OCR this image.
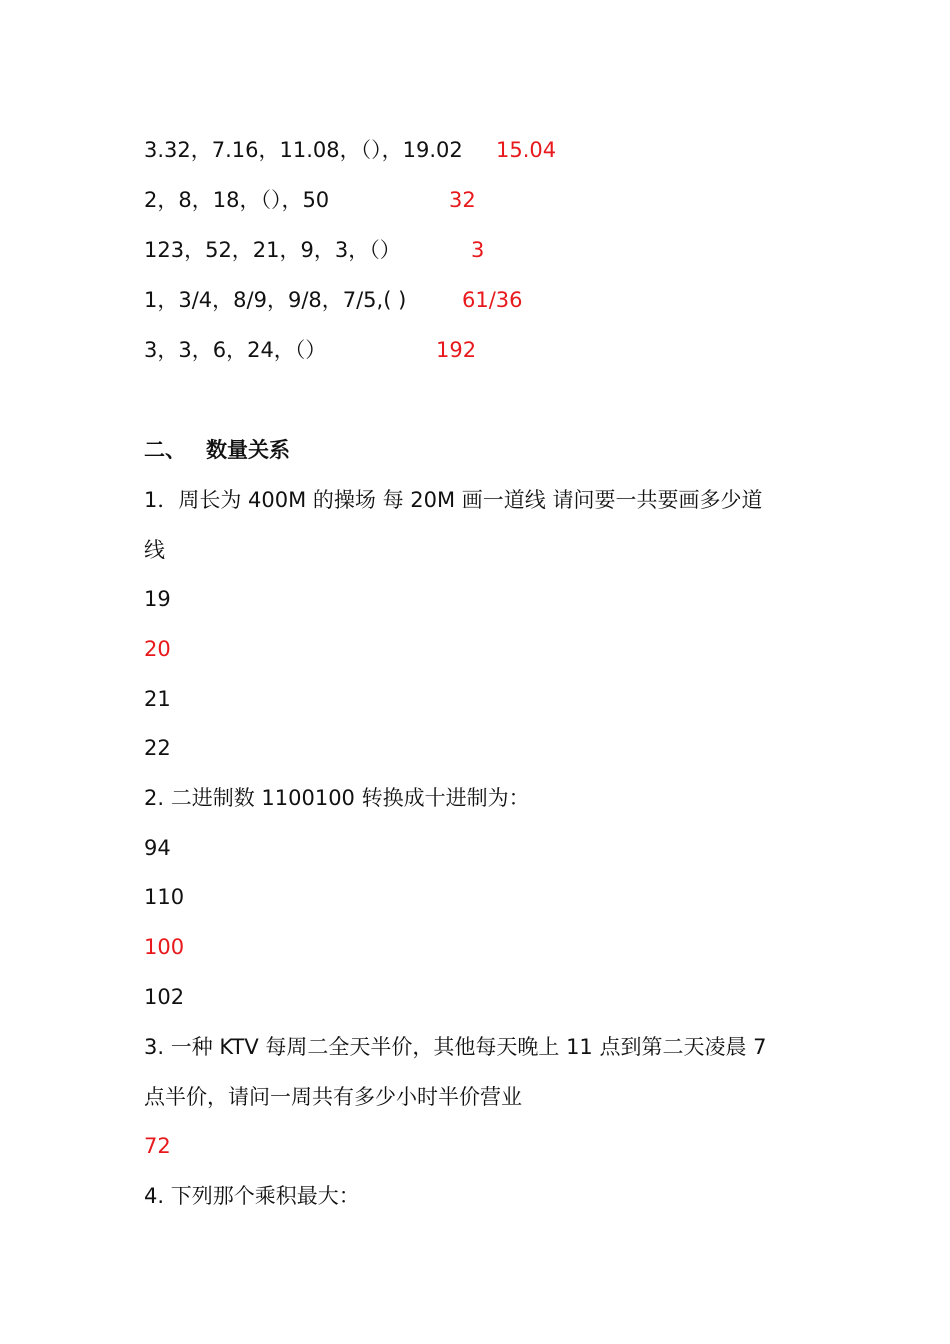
3.32，7.16，11.08，（），19.02 15.04
2，8，18，（），50	32
123，52，21，9，3，（）	3
1，3/4，8/9，9/8，7/5,( )	61/36
3，3，6，24，（）	192
二、 数量关系
1．周长为 400M 的操场 每 20M 画一道线 请问要一共要画多少道
线
19
20
21
22
2. 二进制数 1100100 转换成十进制为：
94
110
100
102
3. 一种 KTV 每周二全天半价，其他每天晚上 11 点到第二天凌晨 7
点半价，请问一周共有多少小时半价营业
72
4. 下列那个乘积最大：
